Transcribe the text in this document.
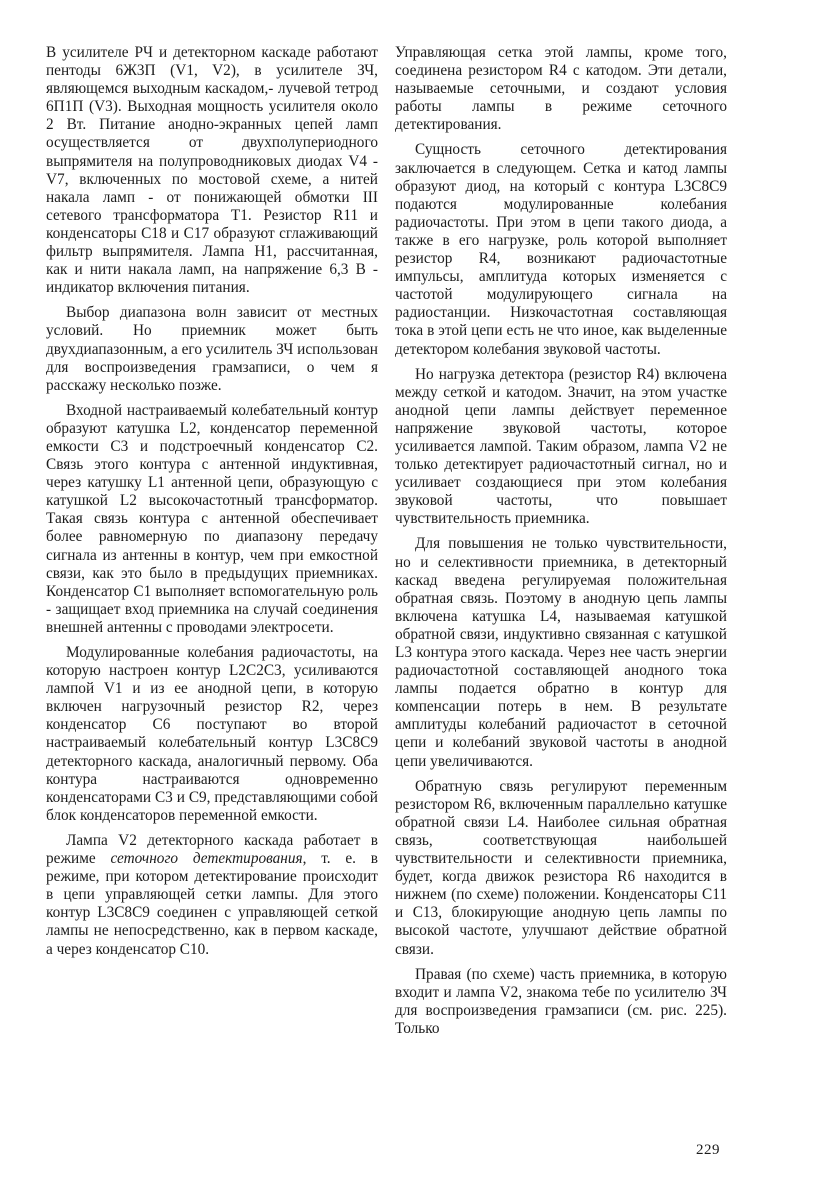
В усилителе РЧ и детекторном каскаде работают пентоды 6Ж3П (V1, V2), в усилителе ЗЧ, являющемся выходным каскадом,- лучевой тетрод 6П1П (V3). Выходная мощность усилителя около 2 Вт. Питание анодно-экранных цепей ламп осуществляется от двухполупериодного выпрямителя на полупроводниковых диодах V4 - V7, включенных по мостовой схеме, а нитей накала ламп - от понижающей обмотки III сетевого трансформатора T1. Резистор R11 и конденсаторы С18 и С17 образуют сглаживающий фильтр выпрямителя. Лампа H1, рассчитанная, как и нити накала ламп, на напряжение 6,3 В - индикатор включения питания.

Выбор диапазона волн зависит от местных условий. Но приемник может быть двухдиапазонным, а его усилитель ЗЧ использован для воспроизведения грамзаписи, о чем я расскажу несколько позже.

Входной настраиваемый колебательный контур образуют катушка L2, конденсатор переменной емкости С3 и подстроечный конденсатор С2. Связь этого контура с антенной индуктивная, через катушку L1 антенной цепи, образующую с катушкой L2 высокочастотный трансформатор. Такая связь контура с антенной обеспечивает более равномерную по диапазону передачу сигнала из антенны в контур, чем при емкостной связи, как это было в предыдущих приемниках. Конденсатор С1 выполняет вспомогательную роль - защищает вход приемника на случай соединения внешней антенны с проводами электросети.

Модулированные колебания радиочастоты, на которую настроен контур L2C2C3, усиливаются лампой V1 и из ее анодной цепи, в которую включен нагрузочный резистор R2, через конденсатор С6 поступают во второй настраиваемый колебательный контур L3C8C9 детекторного каскада, аналогичный первому. Оба контура настраиваются одновременно конденсаторами С3 и С9, представляющими собой блок конденсаторов переменной емкости.

Лампа V2 детекторного каскада работает в режиме сеточного детектирования, т. е. в режиме, при котором детектирование происходит в цепи управляющей сетки лампы. Для этого контур L3C8C9 соединен с управляющей сеткой лампы не непосредственно, как в первом каскаде, а через конденсатор С10.

Управляющая сетка этой лампы, кроме того, соединена резистором R4 с катодом. Эти детали, называемые сеточными, и создают условия работы лампы в режиме сеточного детектирования.

Сущность сеточного детектирования заключается в следующем. Сетка и катод лампы образуют диод, на который с контура L3C8C9 подаются модулированные колебания радиочастоты. При этом в цепи такого диода, а также в его нагрузке, роль которой выполняет резистор R4, возникают радиочастотные импульсы, амплитуда которых изменяется с частотой модулирующего сигнала на радиостанции. Низкочастотная составляющая тока в этой цепи есть не что иное, как выделенные детектором колебания звуковой частоты.

Но нагрузка детектора (резистор R4) включена между сеткой и катодом. Значит, на этом участке анодной цепи лампы действует переменное напряжение звуковой частоты, которое усиливается лампой. Таким образом, лампа V2 не только детектирует радиочастотный сигнал, но и усиливает создающиеся при этом колебания звуковой частоты, что повышает чувствительность приемника.

Для повышения не только чувствительности, но и селективности приемника, в детекторный каскад введена регулируемая положительная обратная связь. Поэтому в анодную цепь лампы включена катушка L4, называемая катушкой обратной связи, индуктивно связанная с катушкой L3 контура этого каскада. Через нее часть энергии радиочастотной составляющей анодного тока лампы подается обратно в контур для компенсации потерь в нем. В результате амплитуды колебаний радиочастот в сеточной цепи и колебаний звуковой частоты в анодной цепи увеличиваются.

Обратную связь регулируют переменным резистором R6, включенным параллельно катушке обратной связи L4. Наиболее сильная обратная связь, соответствующая наибольшей чувствительности и селективности приемника, будет, когда движок резистора R6 находится в нижнем (по схеме) положении. Конденсаторы С11 и С13, блокирующие анодную цепь лампы по высокой частоте, улучшают действие обратной связи.

Правая (по схеме) часть приемника, в которую входит и лампа V2, знакома тебе по усилителю ЗЧ для воспроизведения грамзаписи (см. рис. 225). Только

229
